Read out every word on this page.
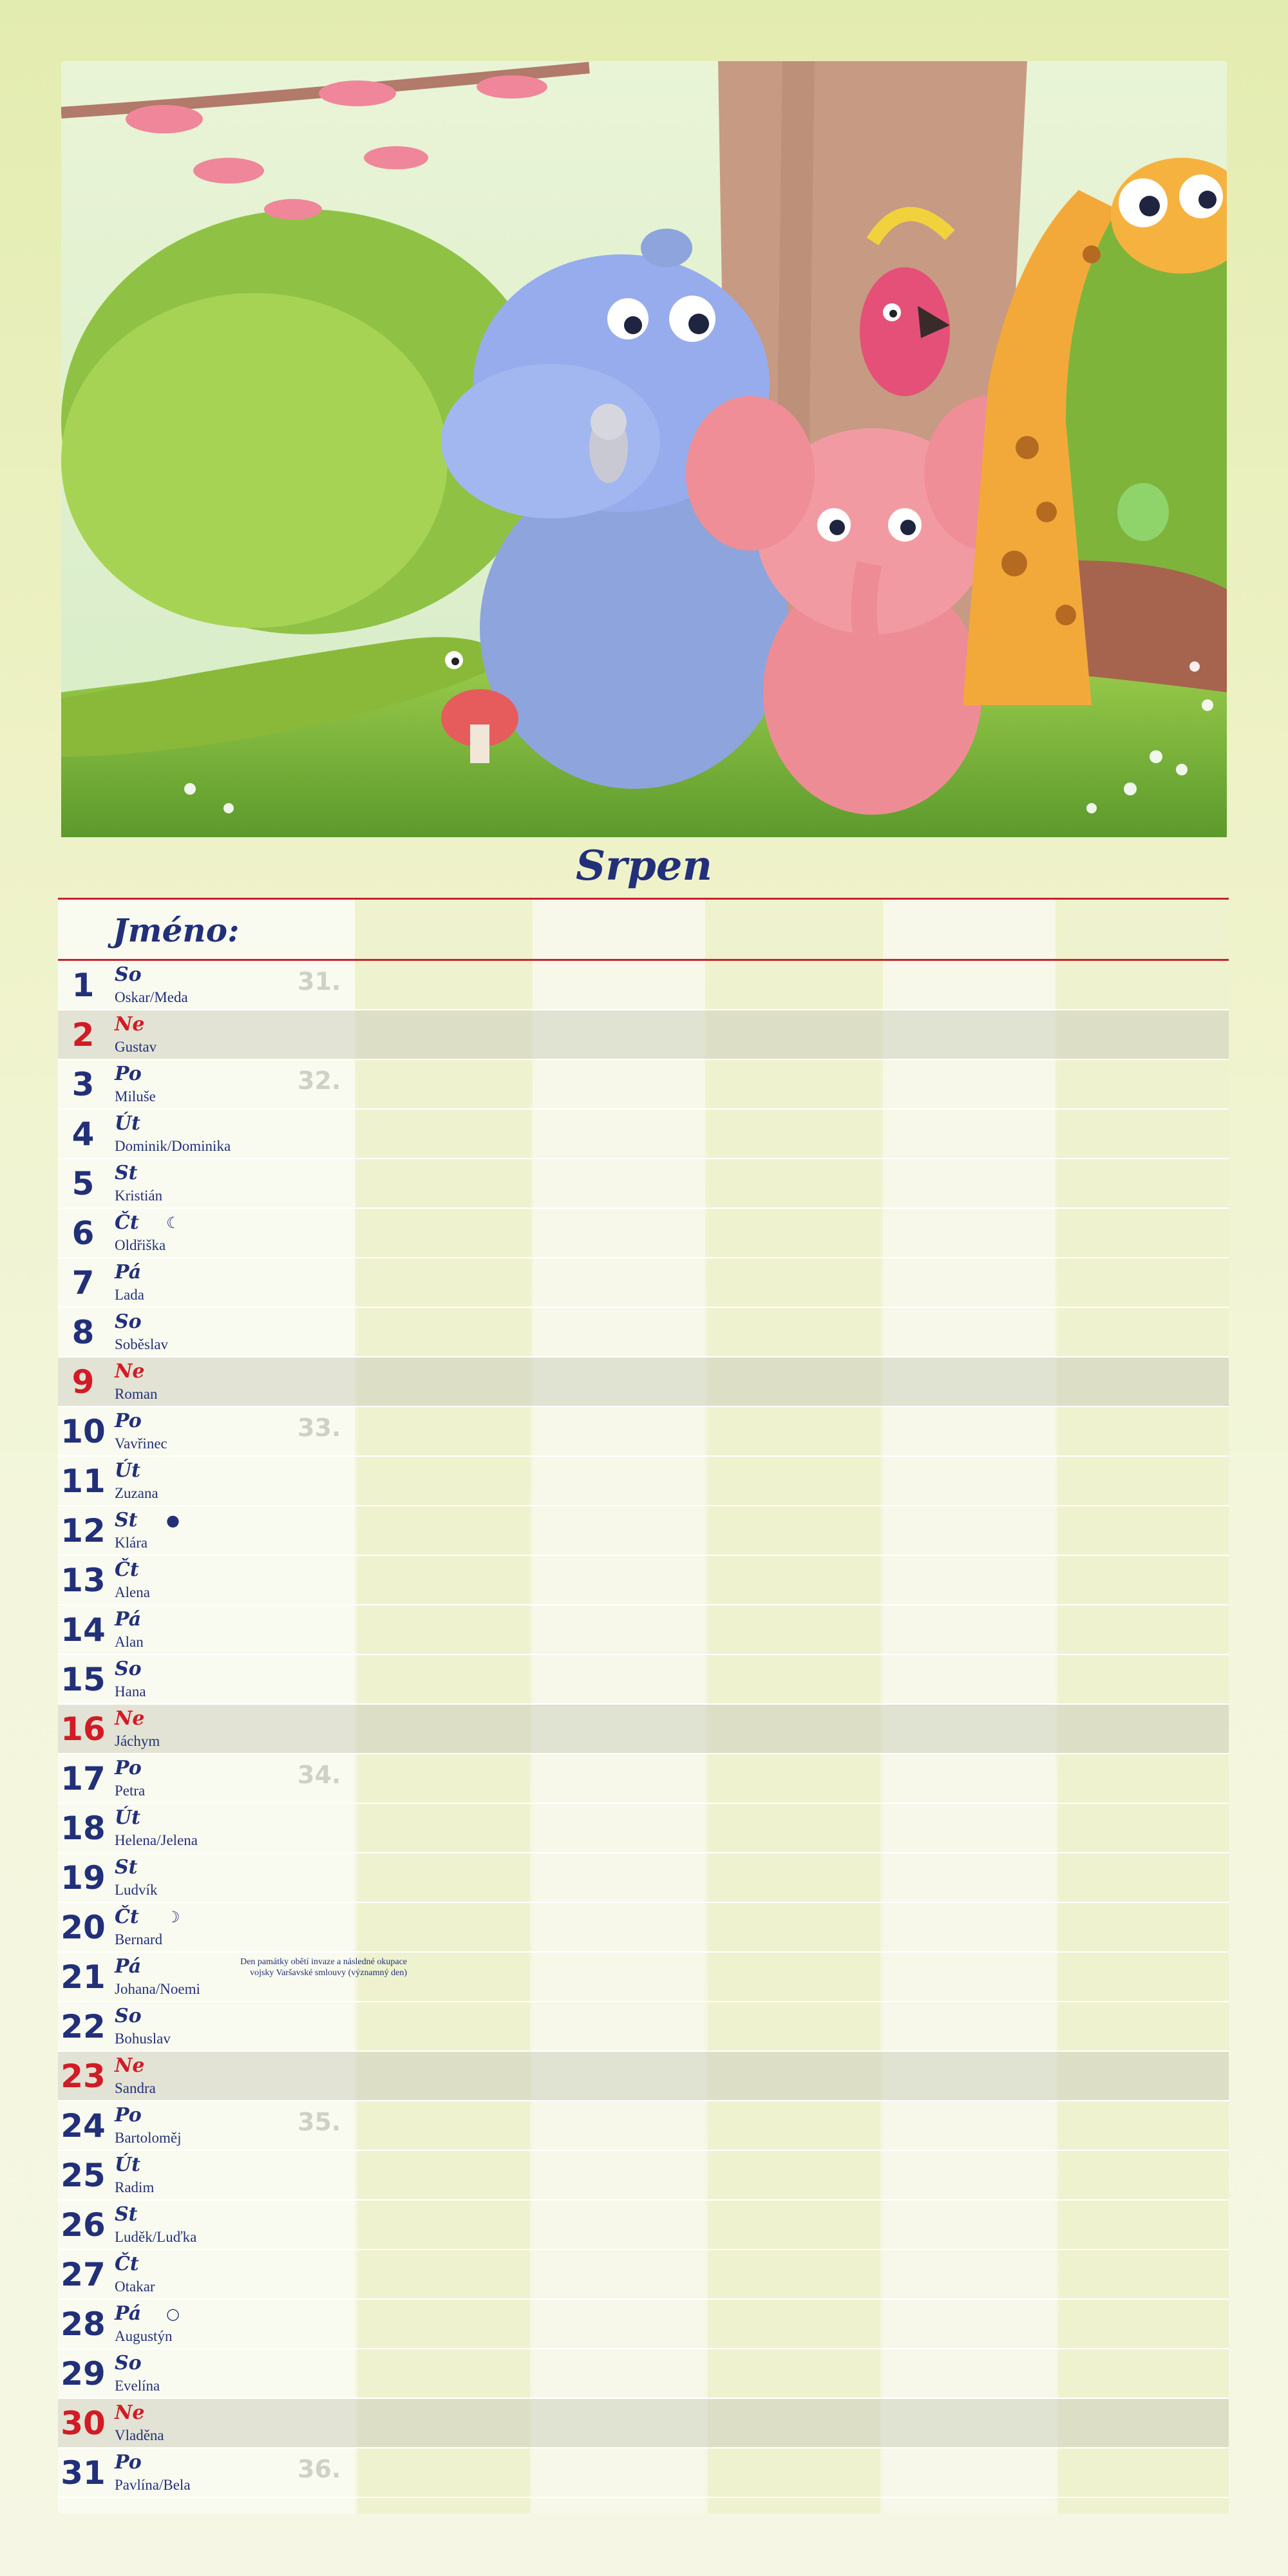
Srpen
Jméno:
1	So
Oskar/Meda
31.
2	Ne
Gustav
3	Po
Miluše
32.
4	Út
Dominik/Dominika
5	St
Kristián
6	Čt
Oldřiška
☾
7	Pá
Lada
8	So
Soběslav
9	Ne
Roman
10 Po
Vavřinec
33.
11 Út
Zuzana
12 St
Klára
●
13 Čt
Alena
14 Pá
Alan
15 So
Hana
16 Ne
Jáchym
17 Po
Petra
34.
18 Út
Helena/Jelena
19 St
Ludvík
20 Čt
Bernard
☽
21 Pá
Johana/Noemi
Den památky obětí invaze a následné okupace vojsky Varšavské smlouvy (významný den)
22 So
Bohuslav
23 Ne
Sandra
24 Po
Bartoloměj
35.
25 Út
Radim
26 St
Luděk/Luďka
27 Čt
Otakar
28 Pá
Augustýn
○
29 So
Evelína
30 Ne
Vladěna
31 Po
Pavlína/Bela
36.
